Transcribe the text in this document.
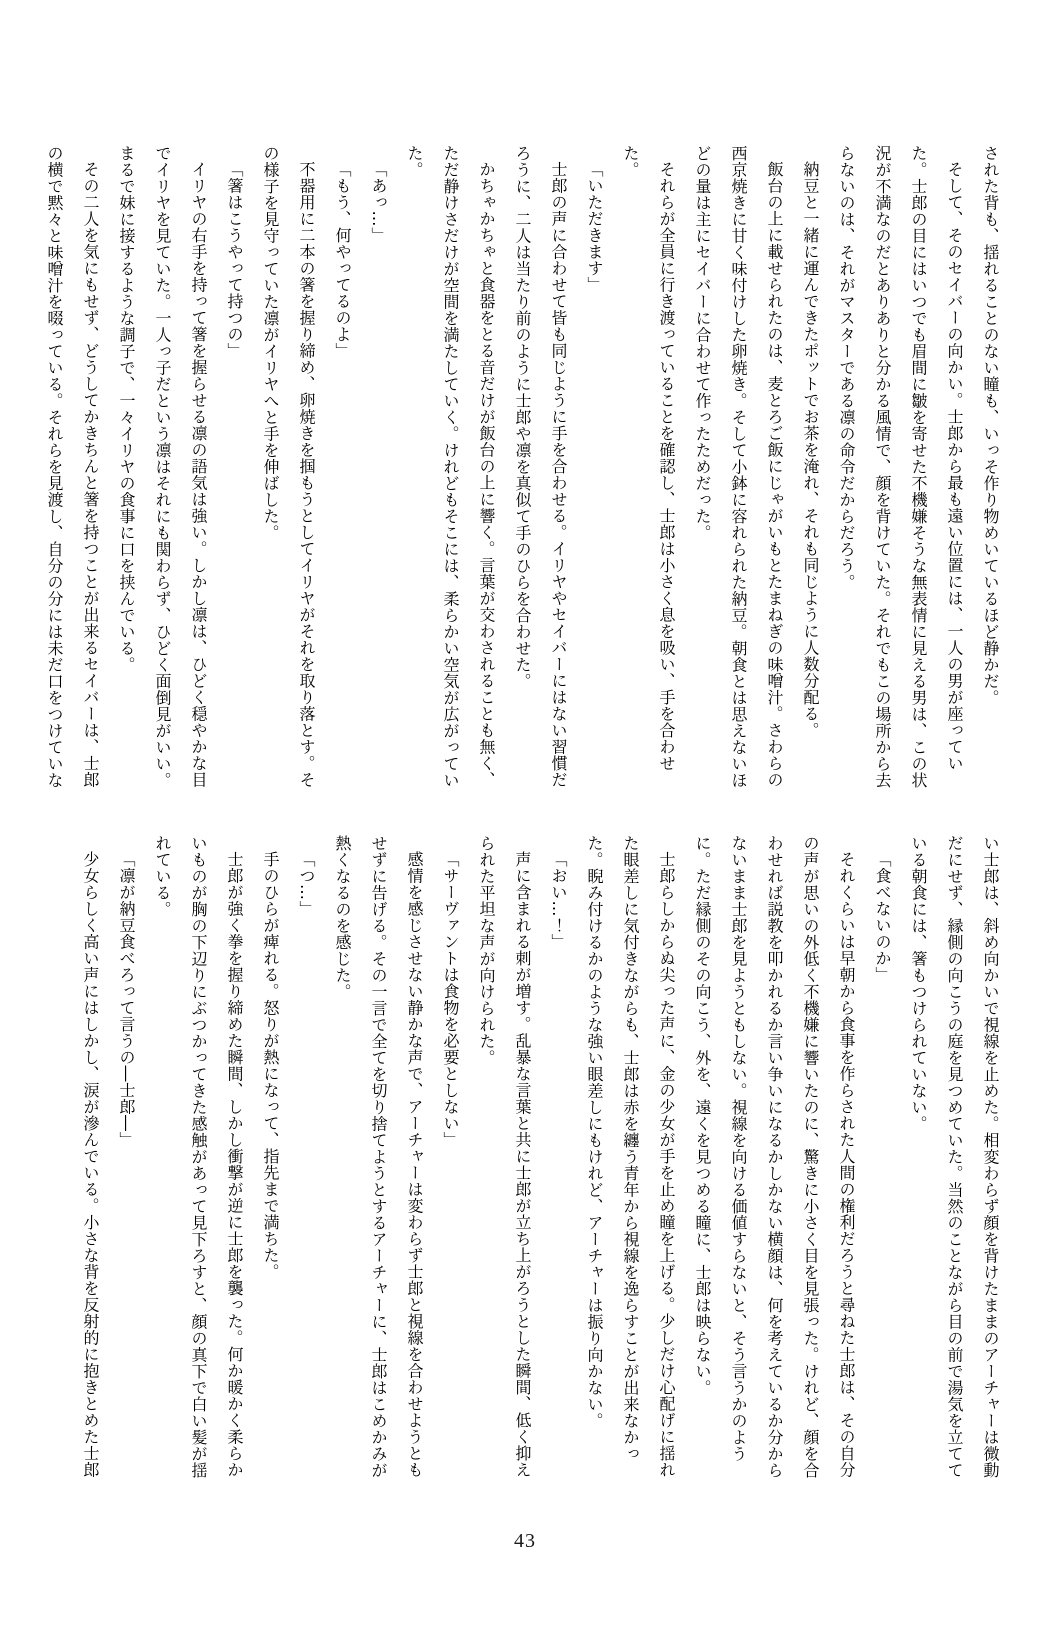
された背も、揺れることのない瞳も、いっそ作り物めいているほど静かだ。

そして、そのセイバーの向かい。士郎から最も遠い位置には、一人の男が座っていた。士郎の目にはいつでも眉間に皺を寄せた不機嫌そうな無表情に見える男は、この状況が不満なのだとありありと分かる風情で、顔を背けていた。それでもこの場所から去らないのは、それがマスターである凛の命令だからだろう。

納豆と一緒に運んできたポットでお茶を淹れ、それも同じように人数分配る。

飯台の上に載せられたのは、麦とろご飯にじゃがいもとたまねぎの味噌汁。さわらの西京焼きに甘く味付けした卵焼き。そして小鉢に容れられた納豆。朝食とは思えないほどの量は主にセイバーに合わせて作ったためだった。

それらが全員に行き渡っていることを確認し、士郎は小さく息を吸い、手を合わせた。

「いただきます」

士郎の声に合わせて皆も同じように手を合わせる。イリヤやセイバーにはない習慣だろうに、二人は当たり前のように士郎や凛を真似て手のひらを合わせた。

かちゃかちゃと食器をとる音だけが飯台の上に響く。言葉が交わされることも無く、ただ静けさだけが空間を満たしていく。けれどもそこには、柔らかい空気が広がっていた。

「あっ…」

「もう、何やってるのよ」

不器用に二本の箸を握り締め、卵焼きを掴もうとしてイリヤがそれを取り落とす。その様子を見守っていた凛がイリヤへと手を伸ばした。

「箸はこうやって持つの」

イリヤの右手を持って箸を握らせる凛の語気は強い。しかし凛は、ひどく穏やかな目でイリヤを見ていた。一人っ子だという凛はそれにも関わらず、ひどく面倒見がいい。まるで妹に接するような調子で、一々イリヤの食事に口を挟んでいる。

その二人を気にもせず、どうしてかきちんと箸を持つことが出来るセイバーは、士郎の横で黙々と味噌汁を啜っている。それらを見渡し、自分の分には未だ口をつけていな

い士郎は、斜め向かいで視線を止めた。相変わらず顔を背けたままのアーチャーは微動だにせず、縁側の向こうの庭を見つめていた。当然のことながら目の前で湯気を立てている朝食には、箸もつけられていない。

「食べないのか」

それくらいは早朝から食事を作らされた人間の権利だろうと尋ねた士郎は、その自分の声が思いの外低く不機嫌に響いたのに、驚きに小さく目を見張った。けれど、顔を合わせれば説教を叩かれるか言い争いになるかしかない横顔は、何を考えているか分からないまま士郎を見ようともしない。視線を向ける価値すらないと、そう言うかのように。ただ縁側のその向こう、外を、遠くを見つめる瞳に、士郎は映らない。

士郎らしからぬ尖った声に、金の少女が手を止め瞳を上げる。少しだけ心配げに揺れた眼差しに気付きながらも、士郎は赤を纏う青年から視線を逸らすことが出来なかった。睨み付けるかのような強い眼差しにもけれど、アーチャーは振り向かない。

「おい…！」

声に含まれる刺が増す。乱暴な言葉と共に士郎が立ち上がろうとした瞬間、低く抑えられた平坦な声が向けられた。

「サーヴァントは食物を必要としない」

感情を感じさせない静かな声で、アーチャーは変わらず士郎と視線を合わせようともせずに告げる。その一言で全てを切り捨てようとするアーチャーに、士郎はこめかみが熱くなるのを感じた。

「つ…」

手のひらが痺れる。怒りが熱になって、指先まで満ちた。

士郎が強く拳を握り締めた瞬間、しかし衝撃が逆に士郎を襲った。何か暖かく柔らかいものが胸の下辺りにぶつかってきた感触があって見下ろすと、顔の真下で白い髪が揺れている。

「凛が納豆食べろって言うの―士郎―」

少女らしく高い声にはしかし、涙が滲んでいる。小さな背を反射的に抱きとめた士郎

43
